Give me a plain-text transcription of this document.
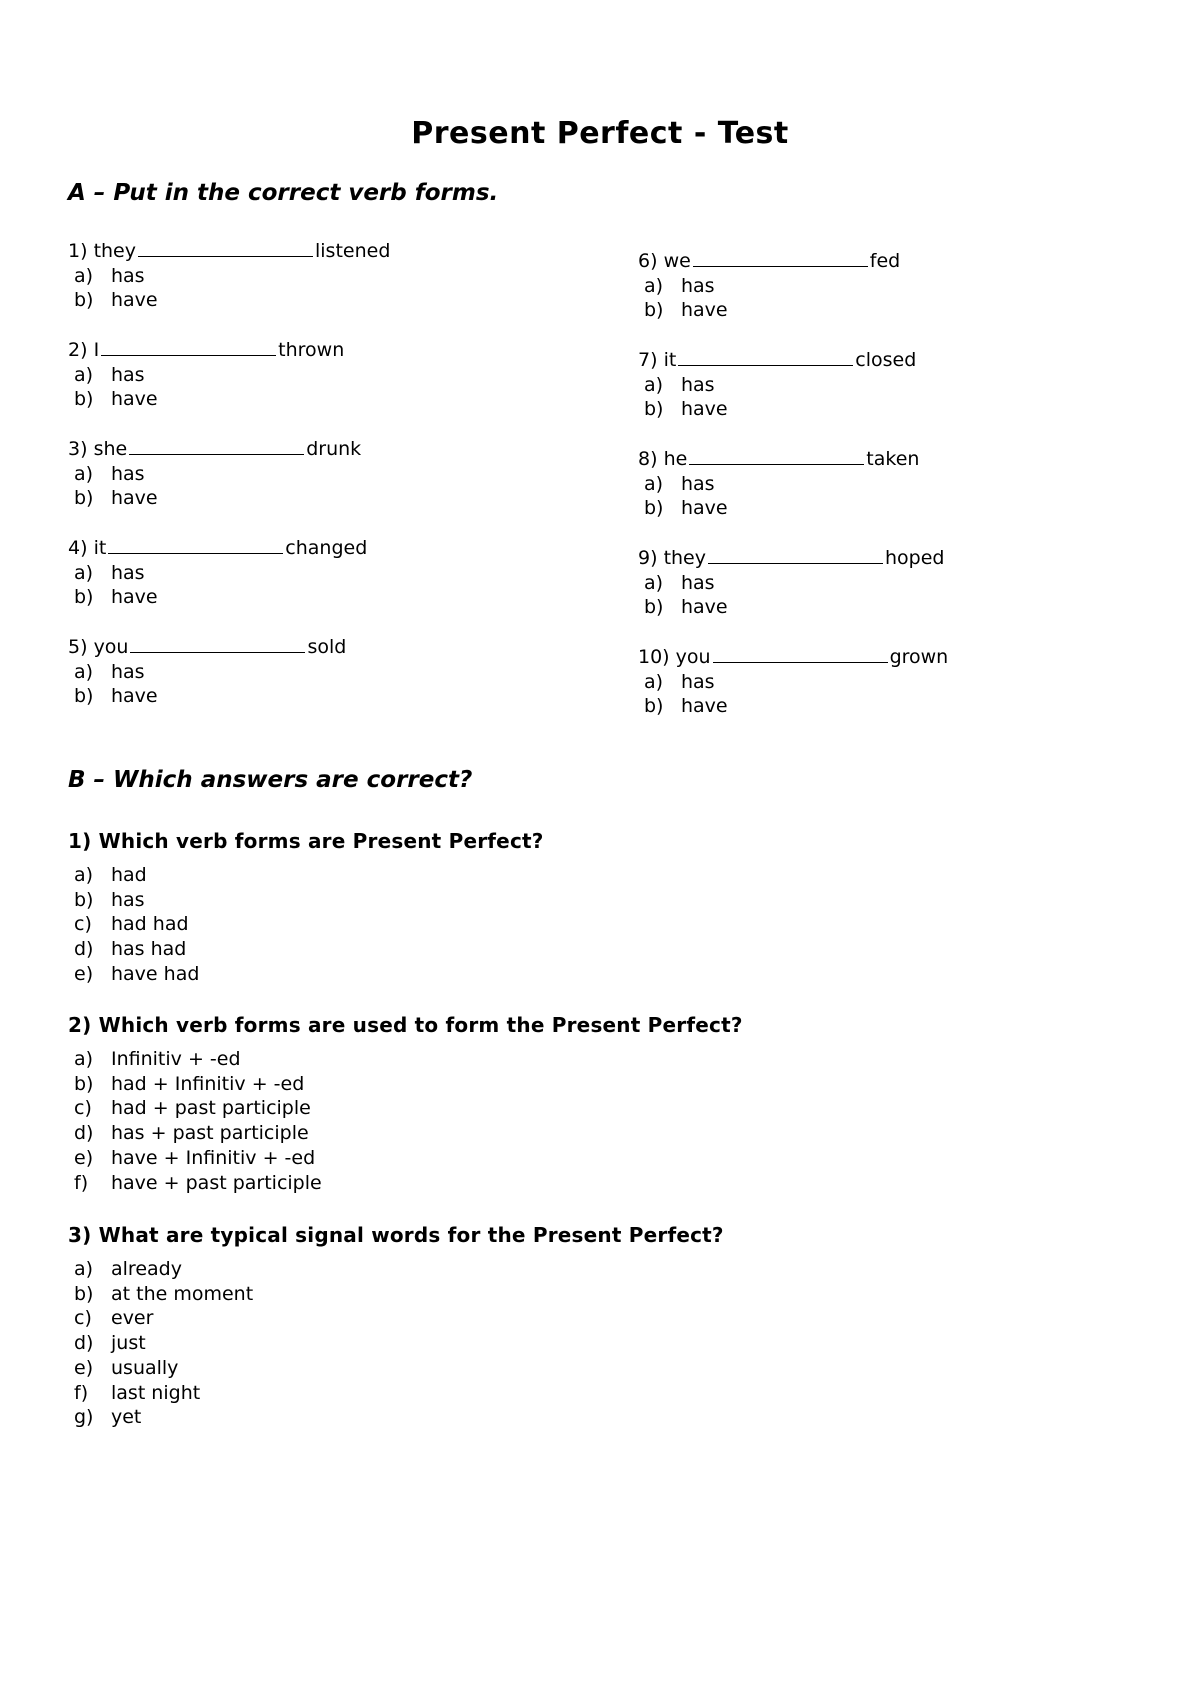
Present Perfect - Test
A – Put in the correct verb forms.
1) they	listened
a) has
b) have
2) I	thrown
a) has
b) have
3) she	drunk
a) has
b) have
4) it	changed
a) has
b) have
5) you	sold
a) has
b) have
6) we	fed
a) has
b) have
7) it	closed
a) has
b) have
8) he	taken
a) has
b) have
9) they	hoped
a) has
b) have
10) you	grown
a) has
b) have
B – Which answers are correct?
1) Which verb forms are Present Perfect?
a) had
b) has
c) had had
d) has had
e) have had
2) Which verb forms are used to form the Present Perfect?
a) Infinitiv + -ed
b) had + Infinitiv + -ed
c) had + past participle
d) has + past participle
e) have + Infinitiv + -ed
f) have + past participle
3) What are typical signal words for the Present Perfect?
a) already
b) at the moment
c) ever
d) just
e) usually
f) last night
g) yet
